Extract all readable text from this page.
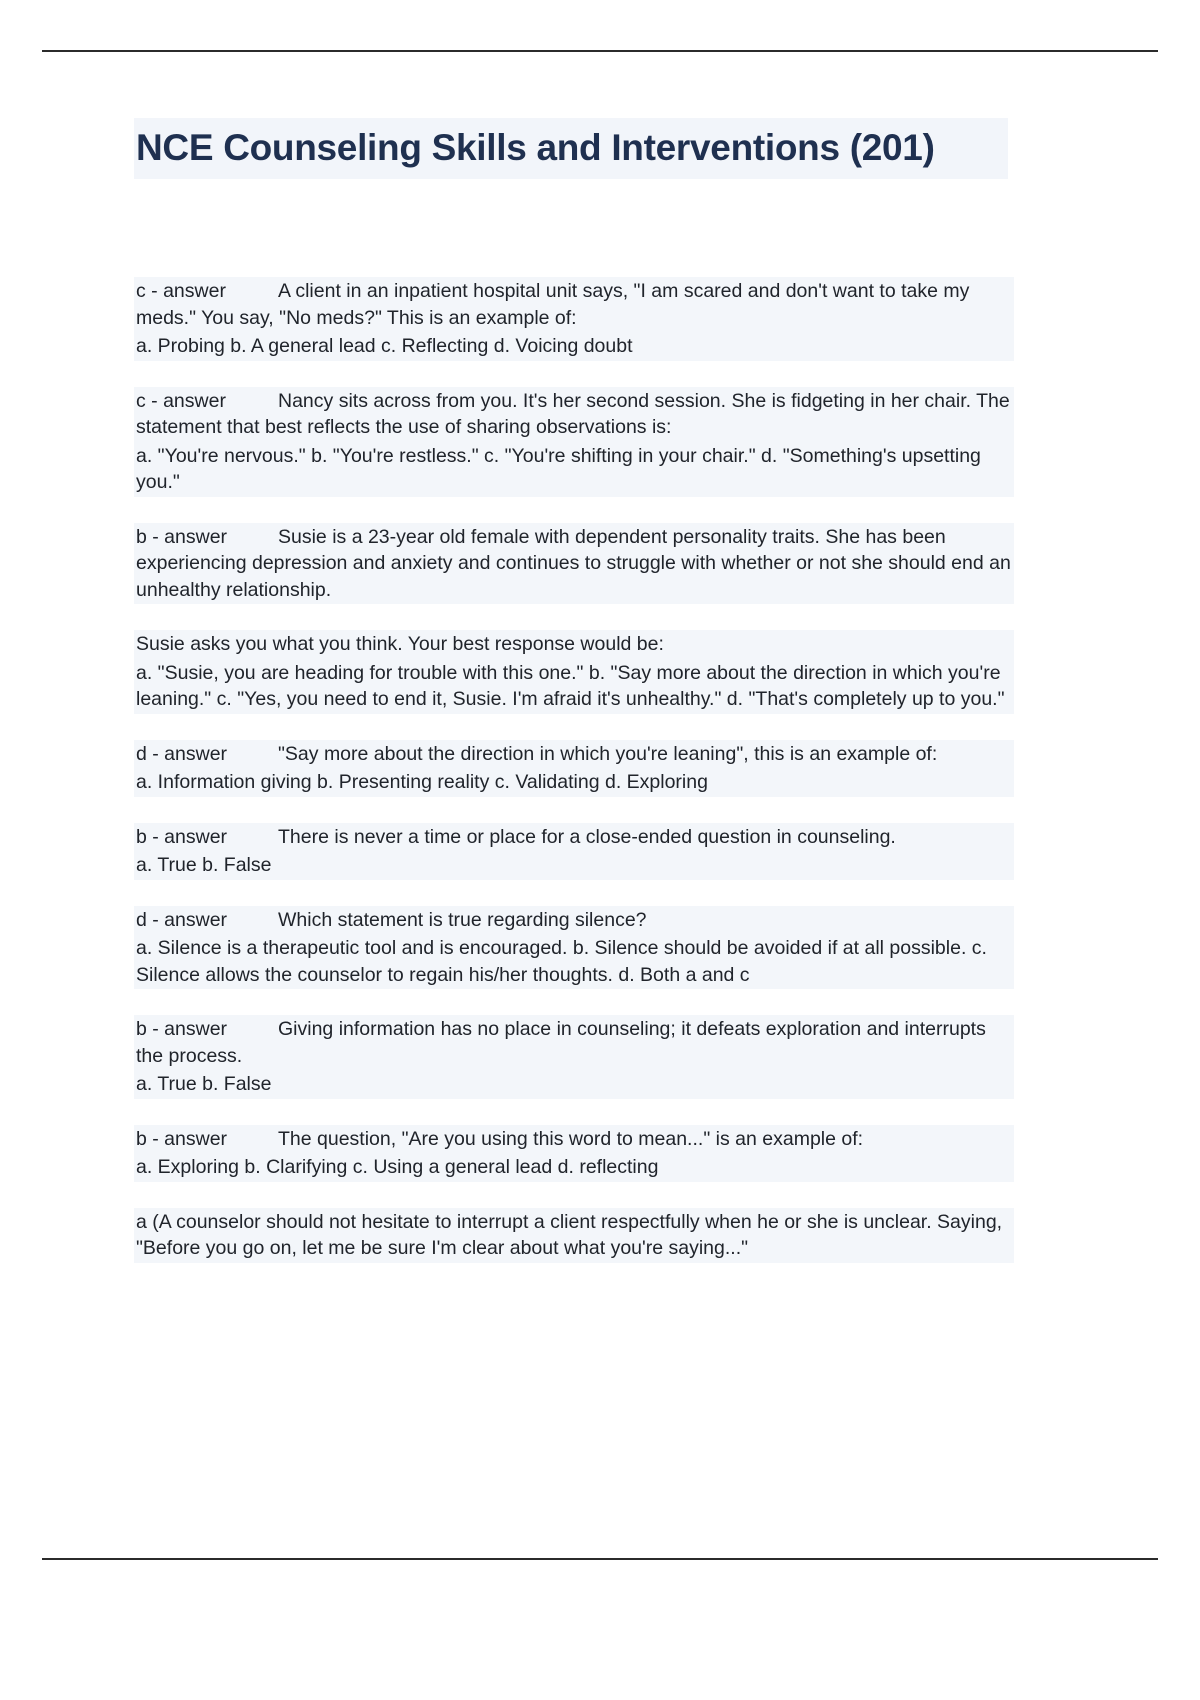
NCE Counseling Skills and Interventions (201)
c - answer	A client in an inpatient hospital unit says, "I am scared and don't want to take my meds." You say, "No meds?" This is an example of:
a. Probing b. A general lead c. Reflecting d. Voicing doubt
c - answer	Nancy sits across from you. It's her second session. She is fidgeting in her chair. The statement that best reflects the use of sharing observations is:
a. "You're nervous." b. "You're restless." c. "You're shifting in your chair." d. "Something's upsetting you."
b - answer	Susie is a 23-year old female with dependent personality traits. She has been experiencing depression and anxiety and continues to struggle with whether or not she should end an unhealthy relationship.
Susie asks you what you think. Your best response would be:
a. "Susie, you are heading for trouble with this one." b. "Say more about the direction in which you're leaning." c. "Yes, you need to end it, Susie. I'm afraid it's unhealthy." d. "That's completely up to you."
d - answer	"Say more about the direction in which you're leaning", this is an example of:
a. Information giving b. Presenting reality c. Validating d. Exploring
b - answer	There is never a time or place for a close-ended question in counseling.
a. True b. False
d - answer	Which statement is true regarding silence?
a. Silence is a therapeutic tool and is encouraged. b. Silence should be avoided if at all possible. c. Silence allows the counselor to regain his/her thoughts. d. Both a and c
b - answer	Giving information has no place in counseling; it defeats exploration and interrupts the process.
a. True b. False
b - answer	The question, "Are you using this word to mean..." is an example of:
a. Exploring b. Clarifying c. Using a general lead d. reflecting
a (A counselor should not hesitate to interrupt a client respectfully when he or she is unclear. Saying, "Before you go on, let me be sure I'm clear about what you're saying..."
